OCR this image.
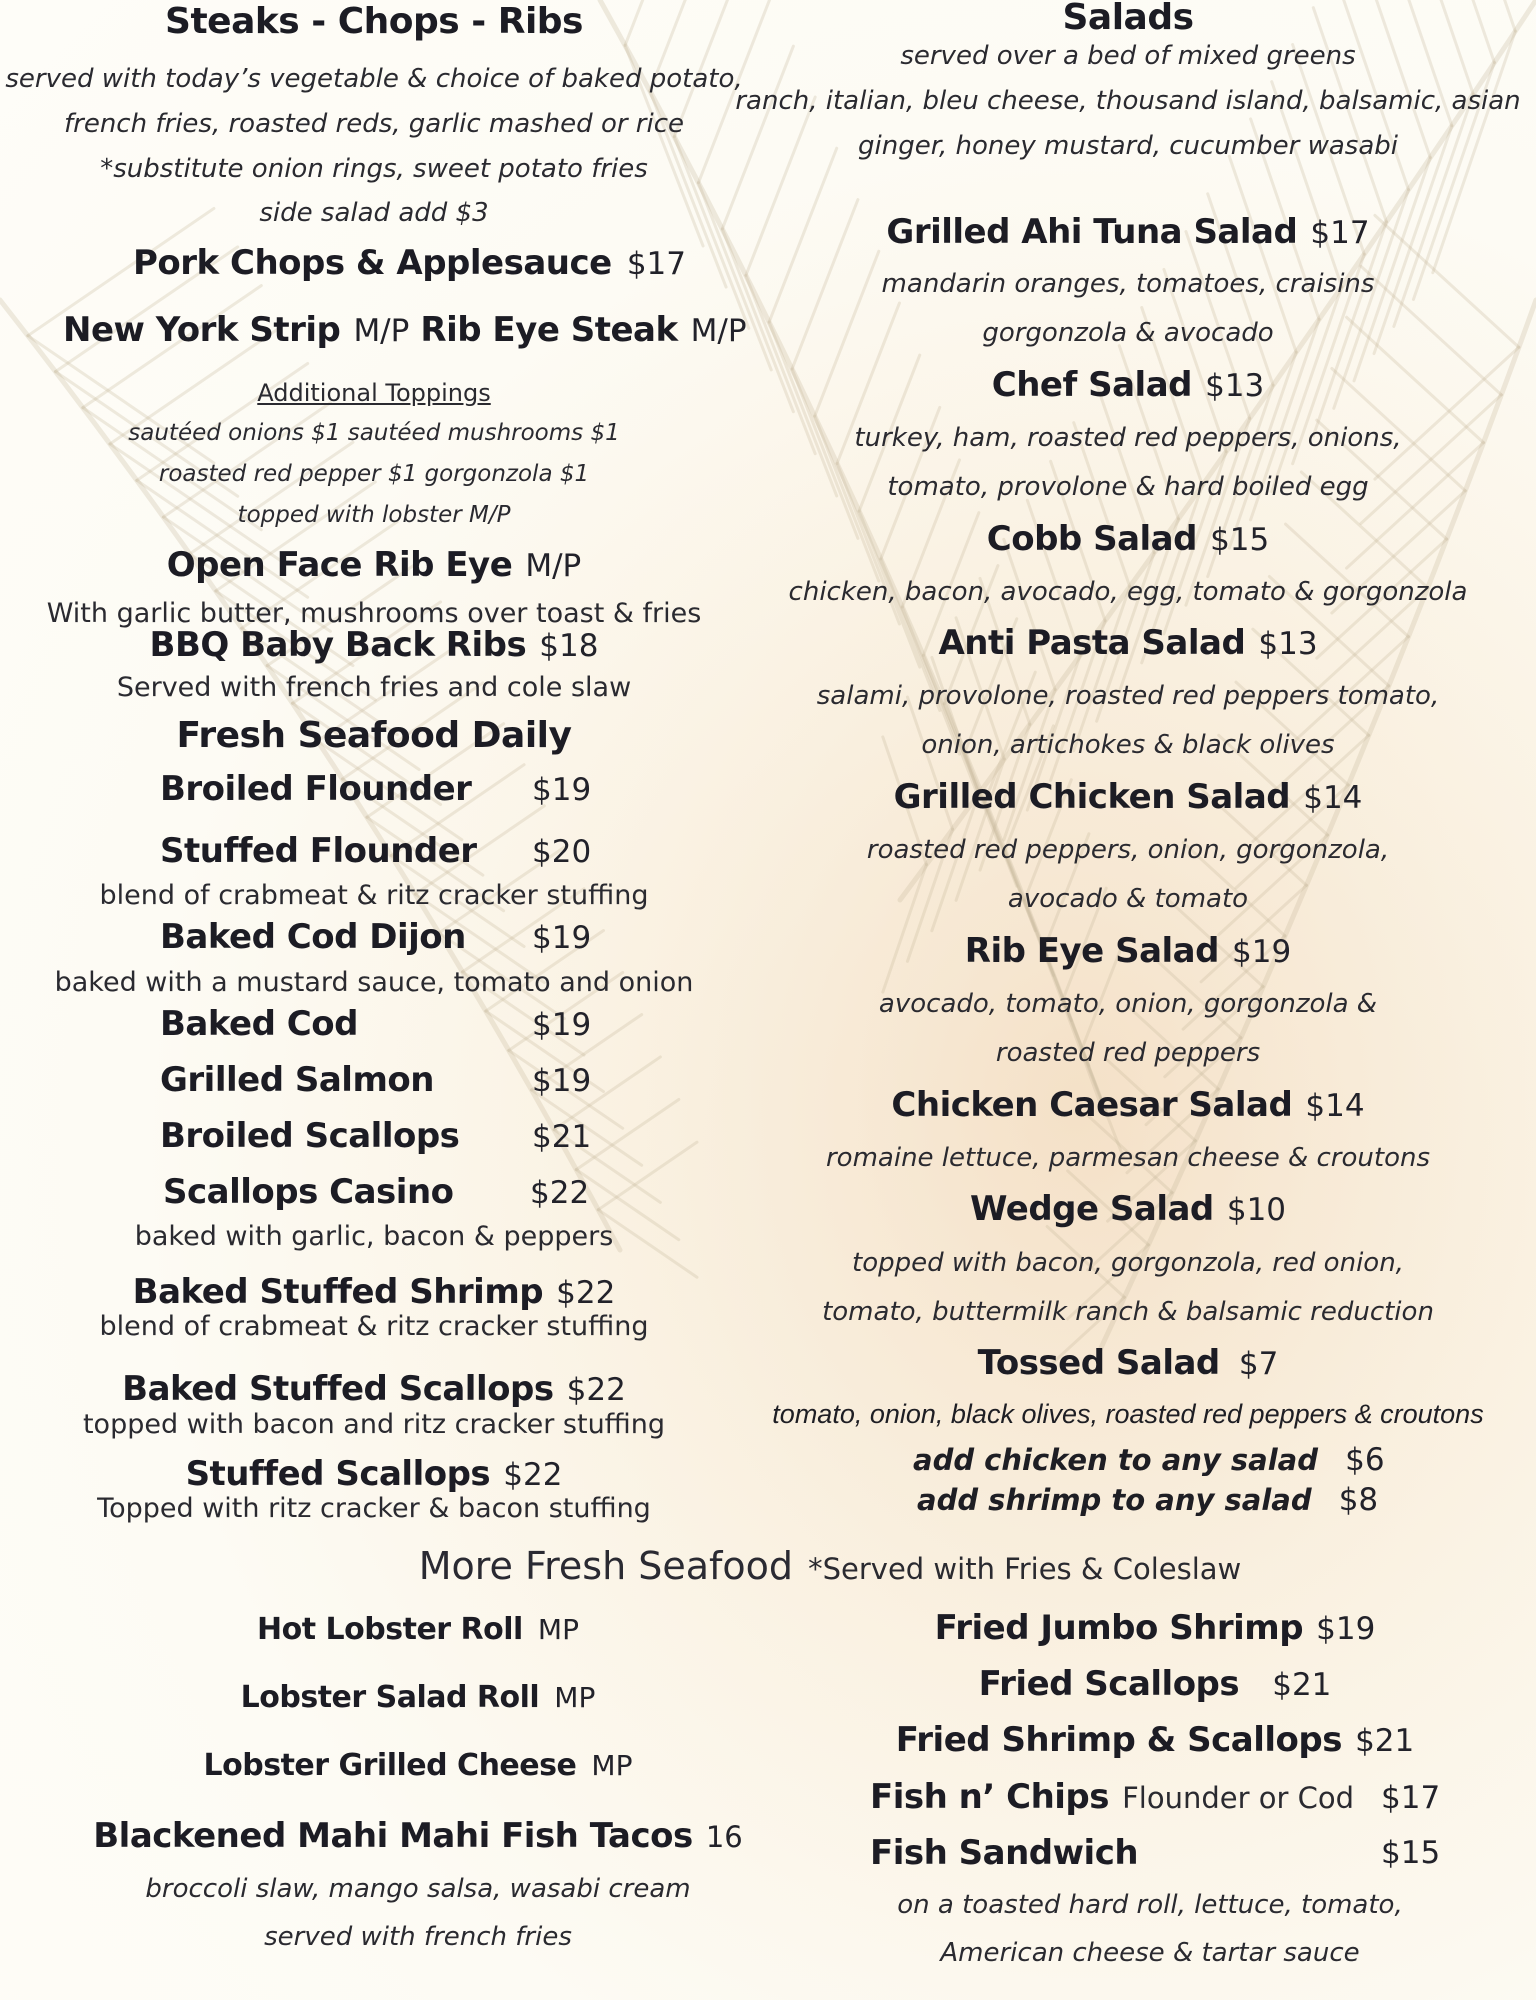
Steaks - Chops - Ribs
served with today’s vegetable & choice of baked potato,
french fries, roasted reds, garlic mashed or rice
*substitute onion rings, sweet potato fries
side salad add $3
Pork Chops & Applesauce $17
New York Strip M/P Rib Eye Steak M/P
Additional Toppings
sautéed onions $1 sautéed mushrooms $1
roasted red pepper $1 gorgonzola $1
topped with lobster M/P
Open Face Rib Eye M/P
With garlic butter, mushrooms over toast & fries
BBQ Baby Back Ribs $18
Served with french fries and cole slaw
Fresh Seafood Daily
Broiled Flounder $19
Stuffed Flounder $20
blend of crabmeat & ritz cracker stuffing
Baked Cod Dijon $19
baked with a mustard sauce, tomato and onion
Baked Cod	$19
Grilled Salmon	$19
Broiled Scallops $21
Scallops Casino $22
baked with garlic, bacon & peppers
Baked Stuffed Shrimp $22
blend of crabmeat & ritz cracker stuffing
Baked Stuffed Scallops $22
topped with bacon and ritz cracker stuffing
Stuffed Scallops $22
Topped with ritz cracker & bacon stuffing
Salads
served over a bed of mixed greens
ranch, italian, bleu cheese, thousand island, balsamic, asian
ginger, honey mustard, cucumber wasabi
Grilled Ahi Tuna Salad $17
mandarin oranges, tomatoes, craisins
gorgonzola & avocado
Chef Salad $13
turkey, ham, roasted red peppers, onions,
tomato, provolone & hard boiled egg
Cobb Salad $15
chicken, bacon, avocado, egg, tomato & gorgonzola
Anti Pasta Salad $13
salami, provolone, roasted red peppers tomato,
onion, artichokes & black olives
Grilled Chicken Salad $14
roasted red peppers, onion, gorgonzola,
avocado & tomato
Rib Eye Salad $19
avocado, tomato, onion, gorgonzola &
roasted red peppers
Chicken Caesar Salad $14
romaine lettuce, parmesan cheese & croutons
Wedge Salad $10
topped with bacon, gorgonzola, red onion,
tomato, buttermilk ranch & balsamic reduction
Tossed Salad $7
tomato, onion, black olives, roasted red peppers & croutons
add chicken to any salad $6
add shrimp to any salad $8
More Fresh Seafood *Served with Fries & Coleslaw
Hot Lobster Roll MP
Lobster Salad Roll MP
Lobster Grilled Cheese MP
Blackened Mahi Mahi Fish Tacos 16
broccoli slaw, mango salsa, wasabi cream
served with french fries
Fried Jumbo Shrimp $19
Fried Scallops $21
Fried Shrimp & Scallops $21
Fish n’ Chips Flounder or Cod $17
Fish Sandwich	$15
on a toasted hard roll, lettuce, tomato,
American cheese & tartar sauce
